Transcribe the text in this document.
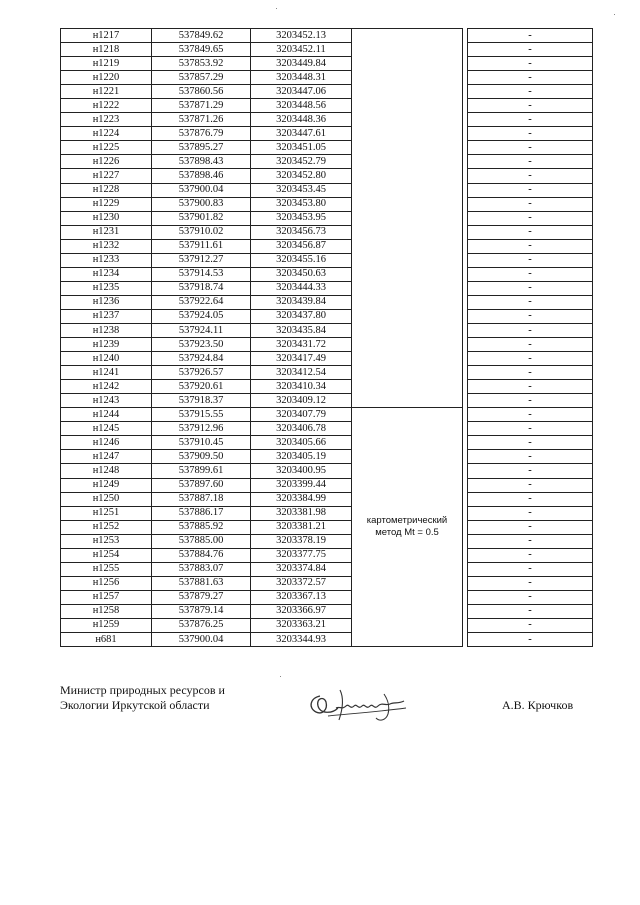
н1217	537849.62	3203452.13			-
н1218	537849.65	3203452.11			-
н1219	537853.92	3203449.84			-
н1220	537857.29	3203448.31			-
н1221	537860.56	3203447.06			-
н1222	537871.29	3203448.56			-
н1223	537871.26	3203448.36			-
н1224	537876.79	3203447.61			-
н1225	537895.27	3203451.05			-
н1226	537898.43	3203452.79			-
н1227	537898.46	3203452.80			-
н1228	537900.04	3203453.45			-
н1229	537900.83	3203453.80			-
н1230	537901.82	3203453.95			-
н1231	537910.02	3203456.73			-
н1232	537911.61	3203456.87			-
н1233	537912.27	3203455.16			-
н1234	537914.53	3203450.63			-
н1235	537918.74	3203444.33			-
н1236	537922.64	3203439.84			-
н1237	537924.05	3203437.80			-
н1238	537924.11	3203435.84			-
н1239	537923.50	3203431.72			-
н1240	537924.84	3203417.49			-
н1241	537926.57	3203412.54			-
н1242	537920.61	3203410.34			-
н1243	537918.37	3203409.12			-
н1244	537915.55	3203407.79	картометрический
метод Mt = 0.5		-
н1245	537912.96	3203406.78			-
н1246	537910.45	3203405.66			-
н1247	537909.50	3203405.19			-
н1248	537899.61	3203400.95			-
н1249	537897.60	3203399.44			-
н1250	537887.18	3203384.99			-
н1251	537886.17	3203381.98			-
н1252	537885.92	3203381.21			-
н1253	537885.00	3203378.19			-
н1254	537884.76	3203377.75			-
н1255	537883.07	3203374.84			-
н1256	537881.63	3203372.57			-
н1257	537879.27	3203367.13			-
н1258	537879.14	3203366.97			-
н1259	537876.25	3203363.21			-
н681	537900.04	3203344.93			-
Министр природных ресурсов и
Экологии Иркутской области	А.В. Крючков
